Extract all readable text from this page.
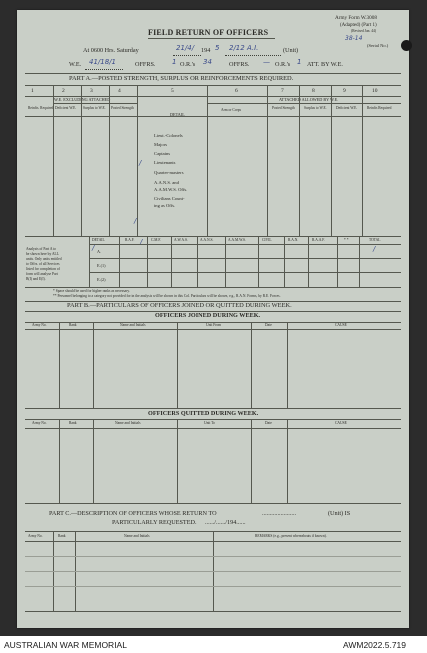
Army Form W.3008
(Adapted) (Part 1)
(Revised Jan. 44)
38-14
(Serial No.)
FIELD RETURN OF OFFICERS
At 0600 Hrs. Saturday	21/4/ 194 5 2/12 A.I.	(Unit)
W.E. 41/18/1	OFFRS. 1 O.R.'s 34	OFFRS. — O.R.'s 1 ATT. BY W.E.
PART A.—POSTED STRENGTH, SURPLUS OR REINFORCEMENTS REQUIRED.
1	2	3	4	5	6	7	8	9	10
W.E. EXCLUDING ATTACHED	ATTACHED ALLOWED BY W.E.
DETAIL
Reinfts. Required Deficient W.E. Surplus to W.E. Posted Strength	Arm or Corps	Posted Strength	Surplus to W.E.	Deficient W.E.	Reinfts Required
Lieut.-Colonels
Majors
Captains
Lieutenants
Quarter-masters
A.A.N.S. and
A.A.M.W.S. Offs.
Civilians Count-
ing as Offs.
/
/
/
/
/
Analysis of Part A to
be shown here by ALL
units. Only units entitled
to Offrs. of all Services
listed for completion of
form will analyse Part
B(I) and E(I).
DETAIL	R.A.F.	C.M.F.	A.W.A.S.	A.A.N.S.	A.A.M.W.S.	CIVIL	R.A.N.	R.A.A.F.	* *	TOTAL
A.
E.(1)
E.(2)
* Space should be used for higher ranks as necessary.
** Personnel belonging to a category not provided for in the analysis will be shown in this Col. Particulars will be shown, e.g., R.A.N. Forms, by R.E. Forces.
PART B.—PARTICULARS OF OFFICERS JOINED OR QUITTED DURING WEEK.
OFFICERS JOINED DURING WEEK.
Army No.	Rank	Name and Initials	Unit From	Date	CAUSE
OFFICERS QUITTED DURING WEEK.
Army No.	Rank	Name and Initials	Unit To	Date	CAUSE
PART C.—DESCRIPTION OF OFFICERS WHOSE RETURN TO	......................	(Unit) IS
PARTICULARLY REQUESTED. ....../....../194......
Army No.	Rank	Name and Initials	REMARKS (e.g., present whereabouts if known).
AUSTRALIAN WAR MEMORIAL	AWM2022.5.719
